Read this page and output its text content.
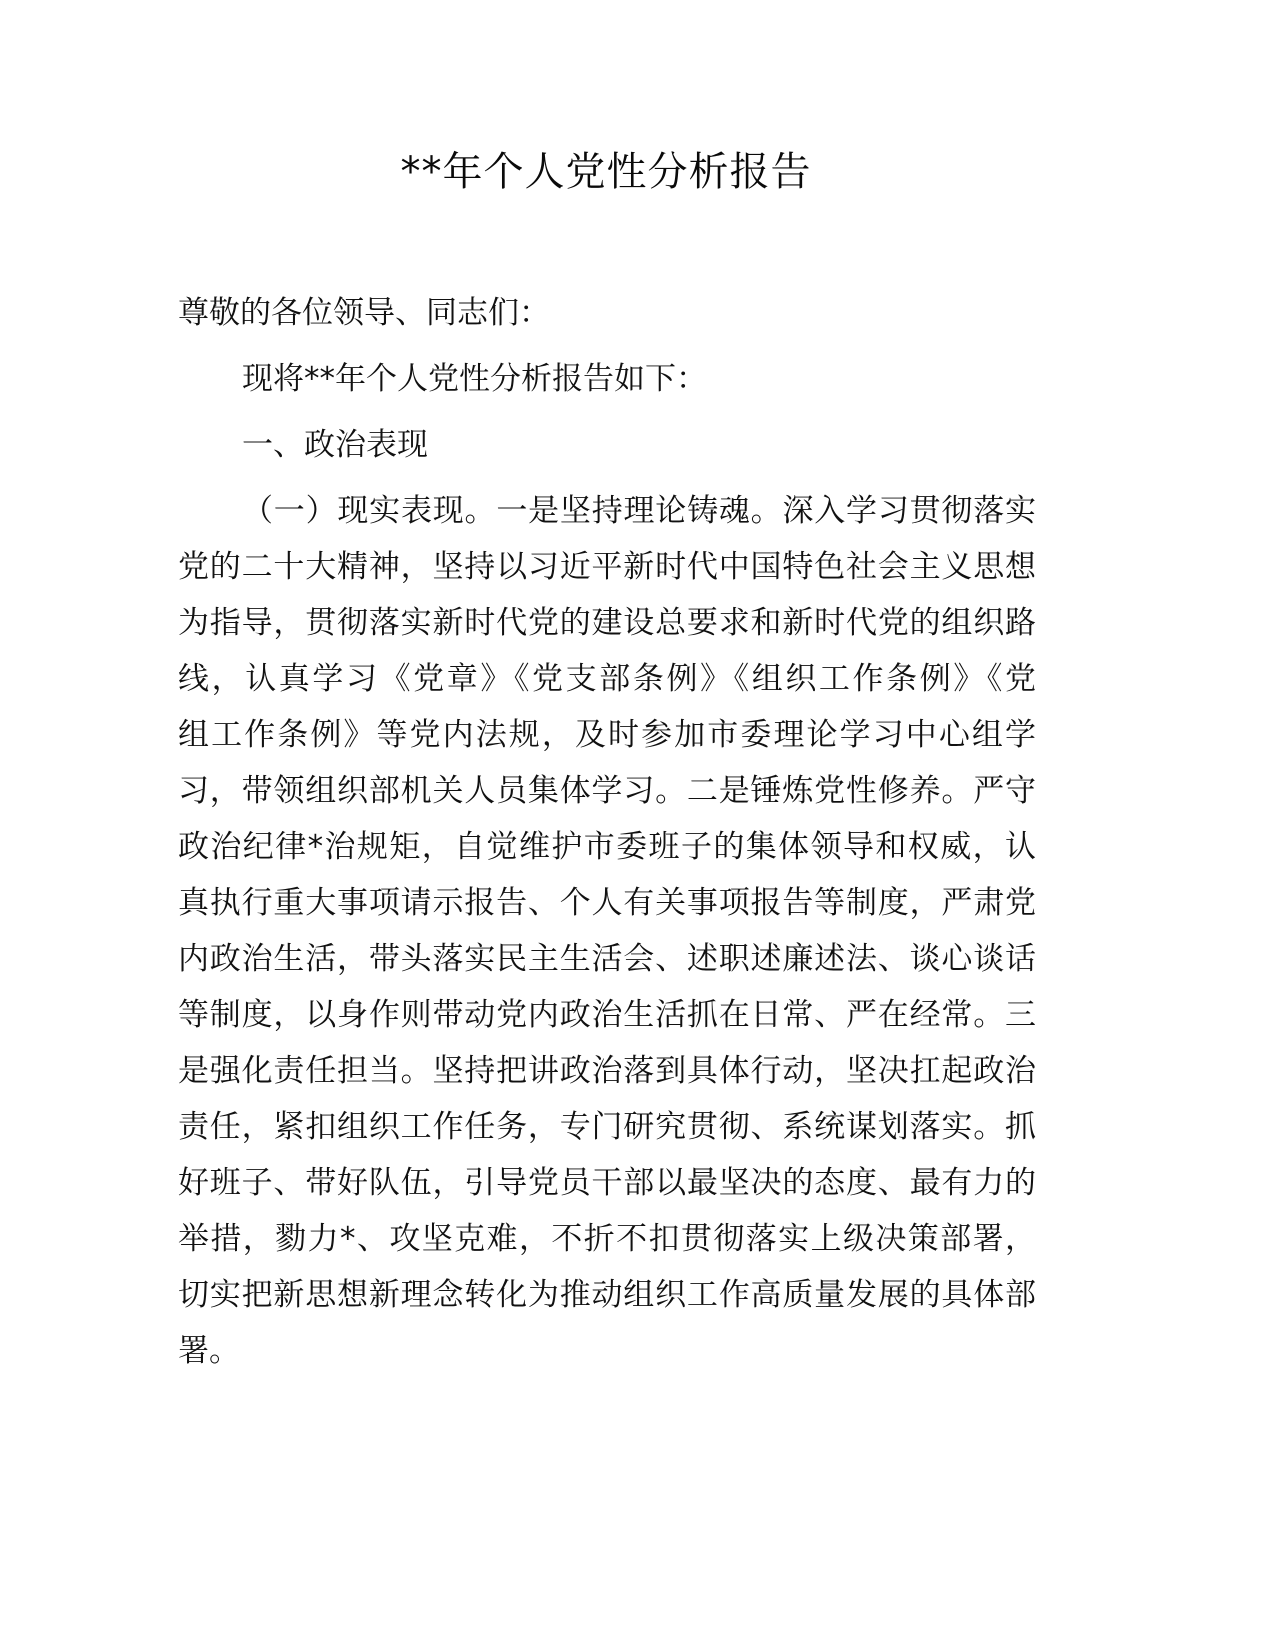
**年个人党性分析报告
尊敬的各位领导、同志们：
现将**年个人党性分析报告如下：
一、政治表现
（一）现实表现。一是坚持理论铸魂。深入学习贯彻落实
党的二十大精神，坚持以习近平新时代中国特色社会主义思想
为指导，贯彻落实新时代党的建设总要求和新时代党的组织路
线，认真学习《党章》《党支部条例》《组织工作条例》《党
组工作条例》等党内法规，及时参加市委理论学习中心组学
习，带领组织部机关人员集体学习。二是锤炼党性修养。严守
政治纪律*治规矩，自觉维护市委班子的集体领导和权威，认
真执行重大事项请示报告、个人有关事项报告等制度，严肃党
内政治生活，带头落实民主生活会、述职述廉述法、谈心谈话
等制度，以身作则带动党内政治生活抓在日常、严在经常。三
是强化责任担当。坚持把讲政治落到具体行动，坚决扛起政治
责任，紧扣组织工作任务，专门研究贯彻、系统谋划落实。抓
好班子、带好队伍，引导党员干部以最坚决的态度、最有力的
举措，勠力*、攻坚克难，不折不扣贯彻落实上级决策部署，
切实把新思想新理念转化为推动组织工作高质量发展的具体部
署。
